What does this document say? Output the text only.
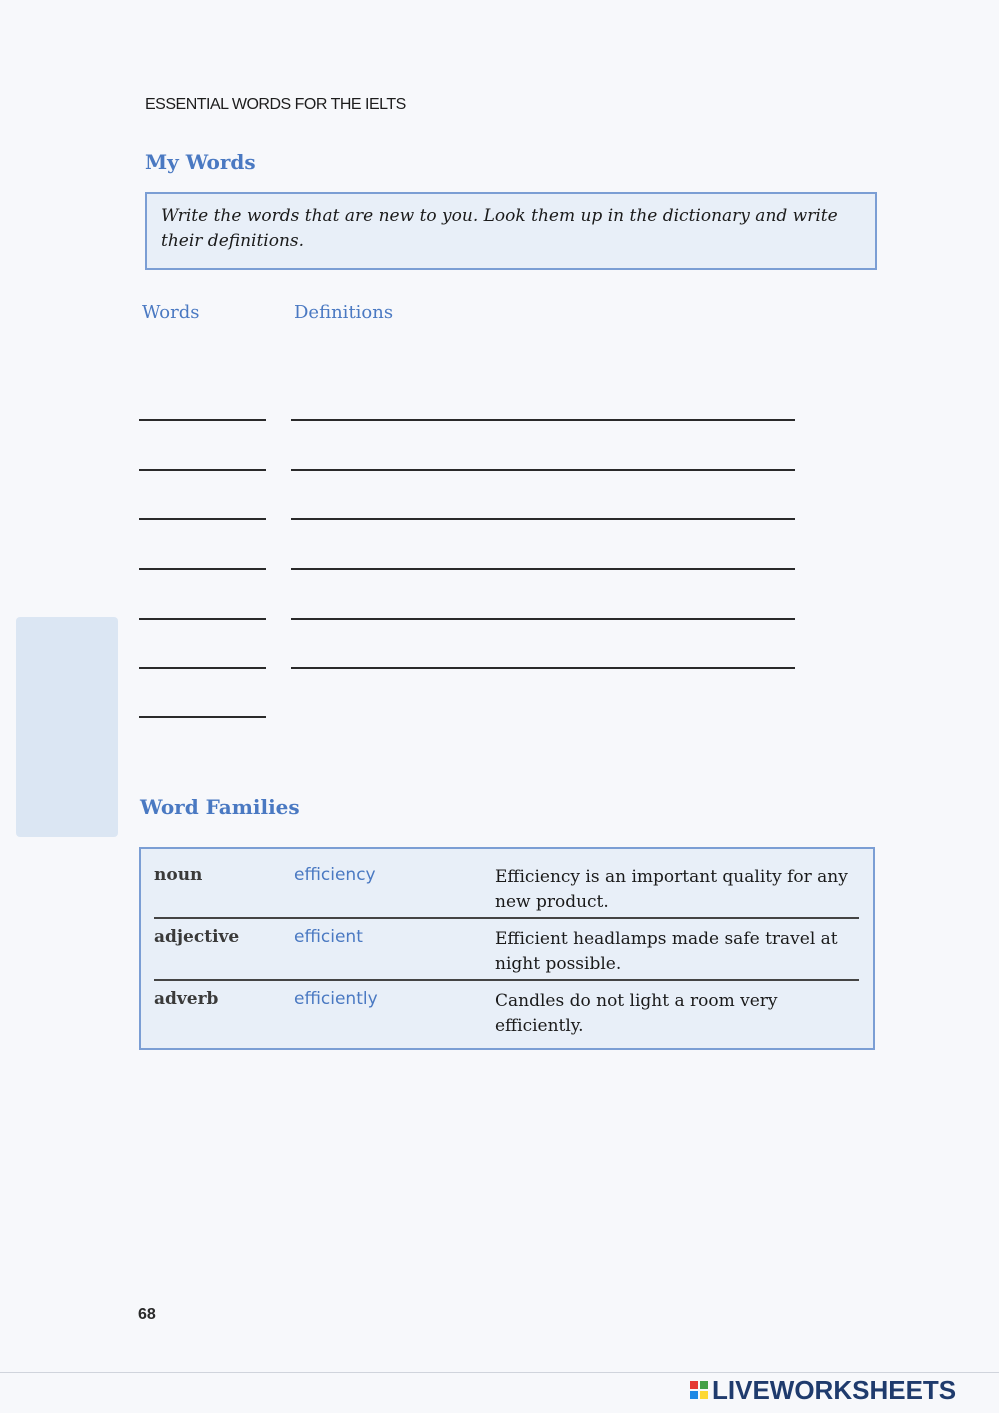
ESSENTIAL WORDS FOR THE IELTS
My Words

Write the words that are new to you. Look them up in the dictionary and write their definitions.

Words	Definitions
Word Families
noun	efficiency	Efficiency is an important quality for any new product.
adjective	efficient	Efficient headlamps made safe travel at night possible.
adverb	efficiently	Candles do not light a room very efficiently.
68
LIVEWORKSHEETS
